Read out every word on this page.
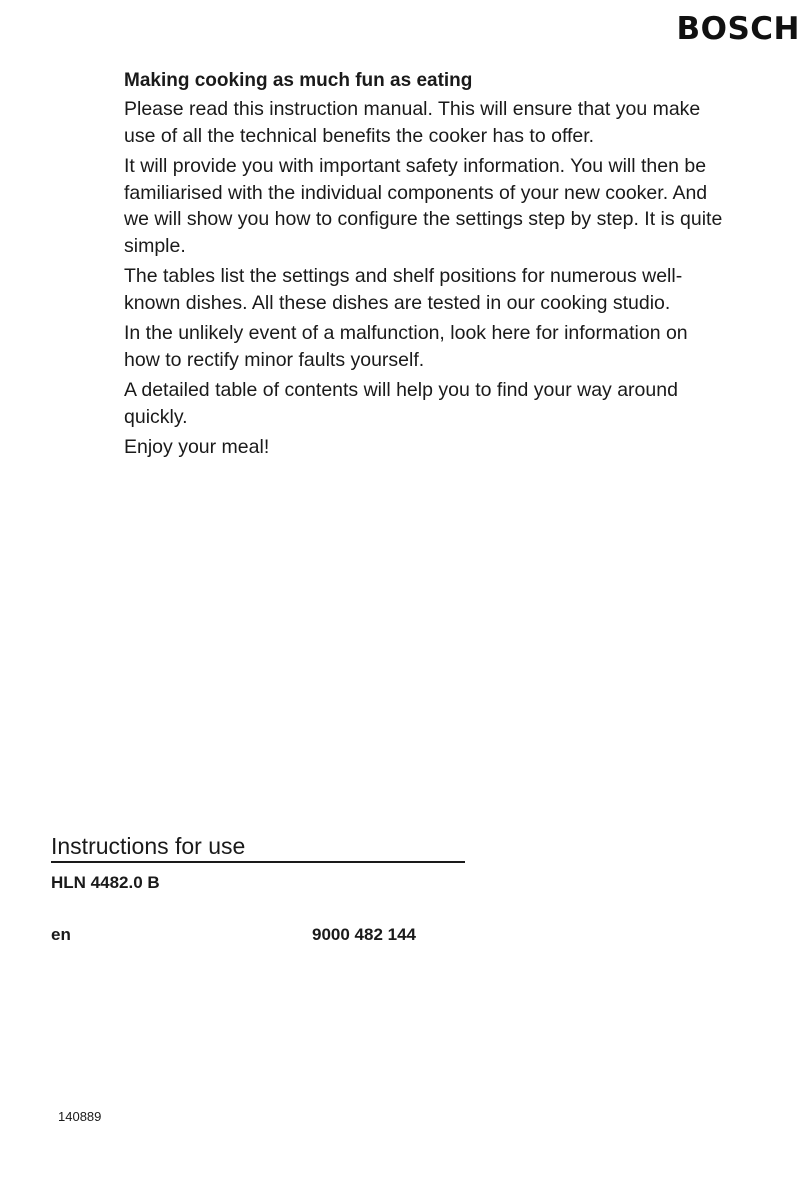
BOSCH

Making cooking as much fun as eating

Please read this instruction manual. This will ensure that you make use of all the technical benefits the cooker has to offer.

It will provide you with important safety information. You will then be familiarised with the individual components of your new cooker. And we will show you how to configure the settings step by step. It is quite simple.

The tables list the settings and shelf positions for numerous well-known dishes. All these dishes are tested in our cooking studio.

In the unlikely event of a malfunction, look here for information on how to rectify minor faults yourself.

A detailed table of contents will help you to find your way around quickly.

Enjoy your meal!

Instructions for use
HLN 4482.0 B
en	9000 482 144
140889
